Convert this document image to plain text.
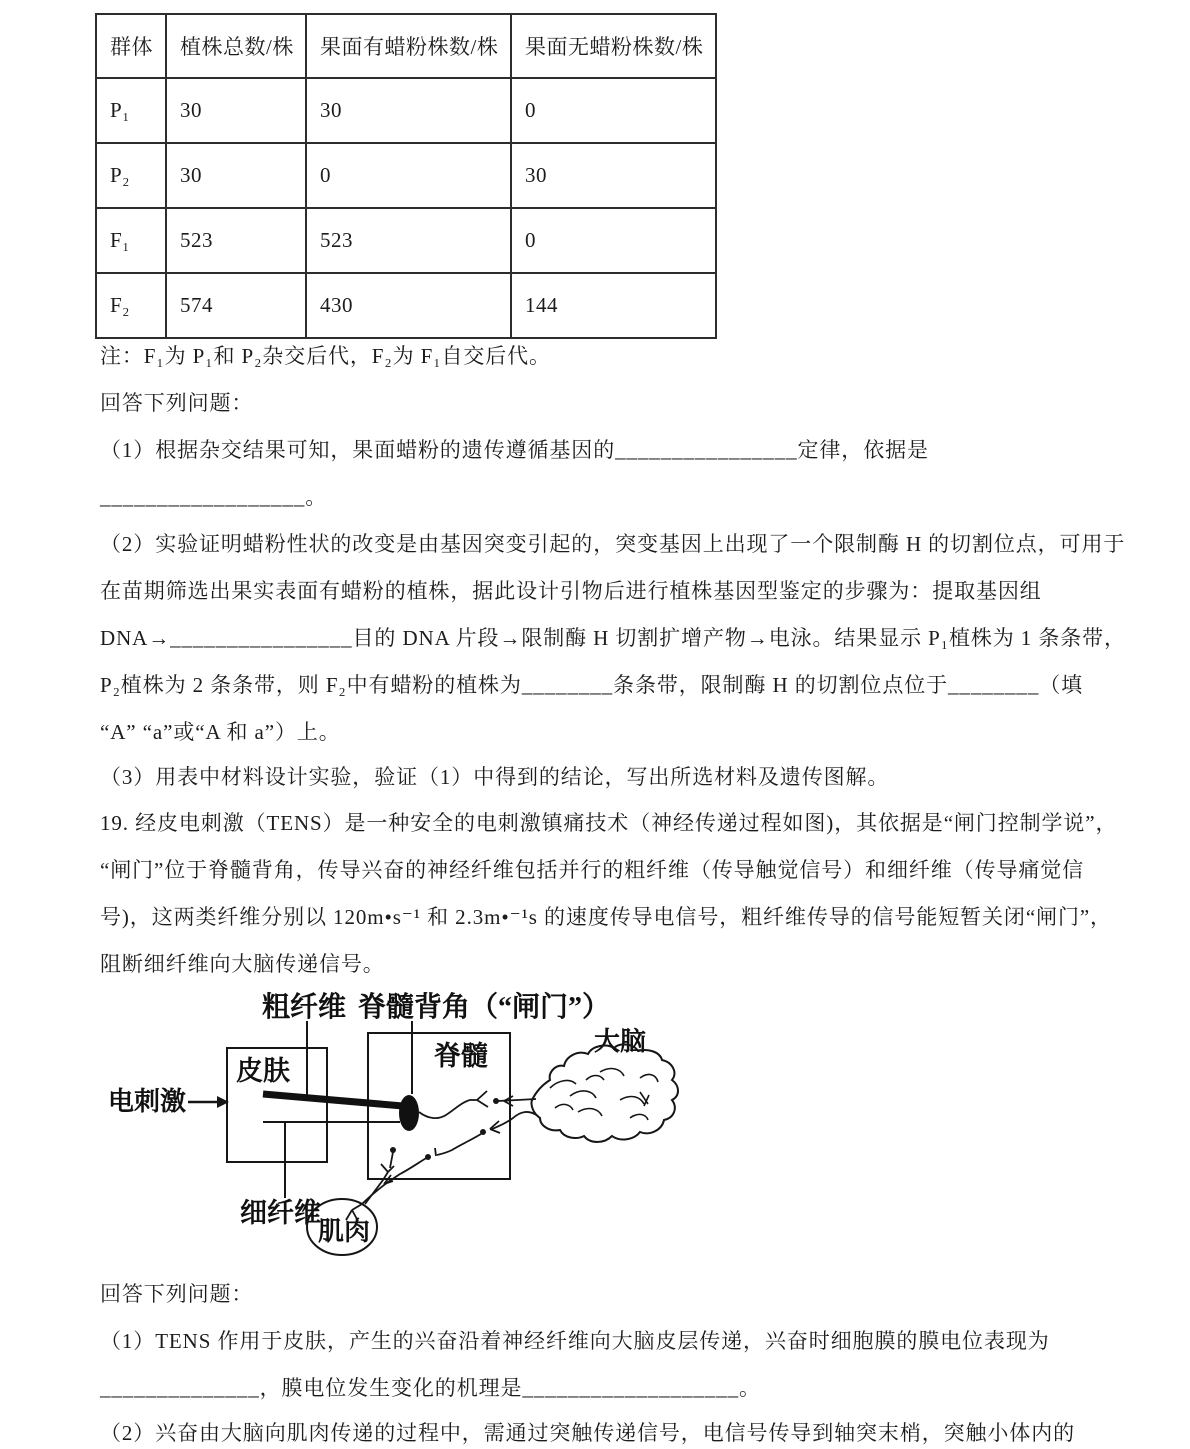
群体	植株总数/株	果面有蜡粉株数/株	果面无蜡粉株数/株
P₁	30	30	0
P₂	30	0	30
F₁	523	523	0
F₂	574	430	144
注：F₁为 P₁和 P₂杂交后代，F₂为 F₁自交后代。
回答下列问题：
（1）根据杂交结果可知，果面蜡粉的遗传遵循基因的________________定律，依据是
__________________。
（2）实验证明蜡粉性状的改变是由基因突变引起的，突变基因上出现了一个限制酶 H 的切割位点，可用于
在苗期筛选出果实表面有蜡粉的植株，据此设计引物后进行植株基因型鉴定的步骤为：提取基因组
DNA→________________目的 DNA 片段→限制酶 H 切割扩增产物→电泳。结果显示 P₁植株为 1 条条带，
P₂植株为 2 条条带，则 F₂中有蜡粉的植株为________条条带，限制酶 H 的切割位点位于________（填
“A” “a”或“A 和 a”）上。
（3）用表中材料设计实验，验证（1）中得到的结论，写出所选材料及遗传图解。
19. 经皮电刺激（TENS）是一种安全的电刺激镇痛技术（神经传递过程如图)，其依据是“闸门控制学说”，
“闸门”位于脊髓背角，传导兴奋的神经纤维包括并行的粗纤维（传导触觉信号）和细纤维（传导痛觉信
号)，这两类纤维分别以 120m•s⁻¹ 和 2.3m•⁻¹s 的速度传导电信号，粗纤维传导的信号能短暂关闭“闸门”，
阻断细纤维向大脑传递信号。
粗纤维 脊髓背角（“闸门”）
电刺激
皮肤	脊髓
细纤维
肌肉
大脑
回答下列问题：
（1）TENS 作用于皮肤，产生的兴奋沿着神经纤维向大脑皮层传递，兴奋时细胞膜的膜电位表现为
______________，膜电位发生变化的机理是___________________。
（2）兴奋由大脑向肌肉传递的过程中，需通过突触传递信号，电信号传导到轴突末梢，突触小体内的
